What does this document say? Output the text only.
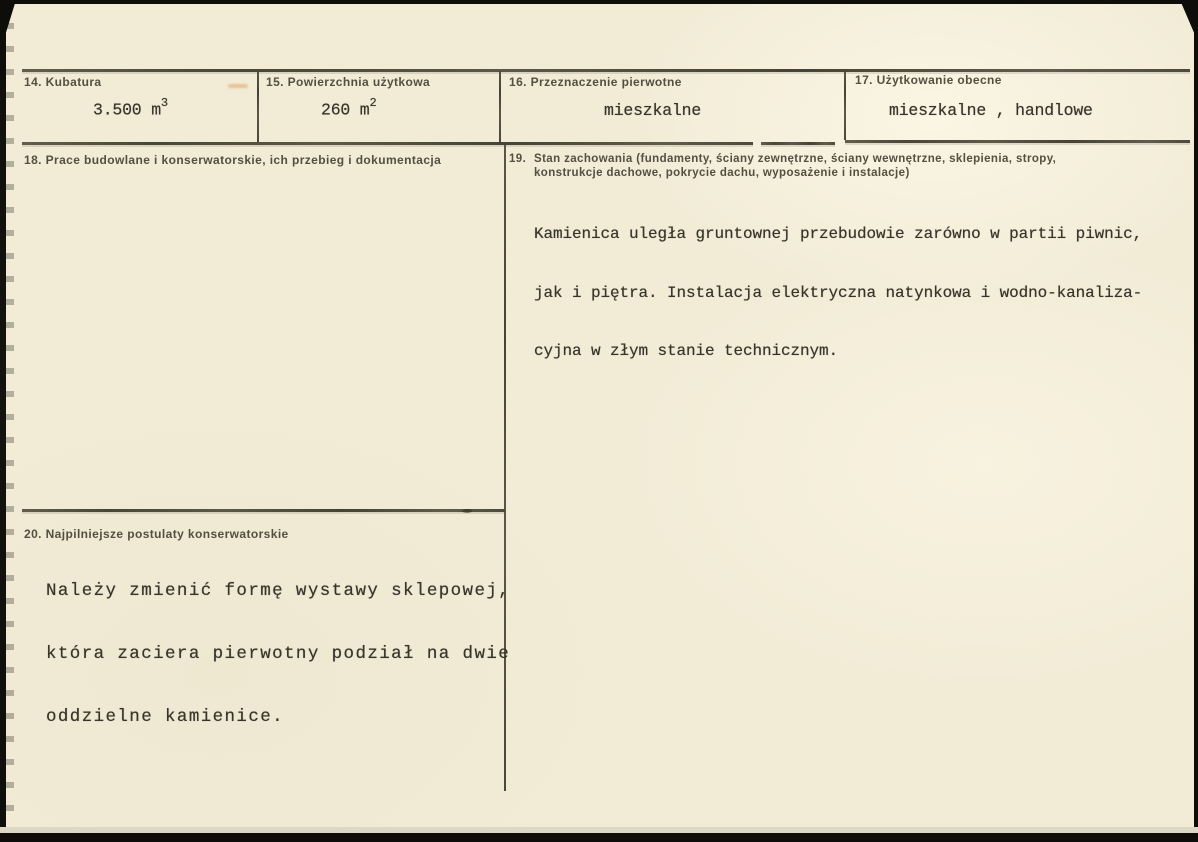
14. Kubatura
3.500 $m^3$
15. Powierzchnia użytkowa
260 $m^2$
16. Przeznaczenie pierwotne
mieszkalne
17. Użytkowanie obecne
mieszkalne , handlowe
18. Prace budowlane i konserwatorskie, ich przebieg i dokumentacja	19. Stan zachowania (fundamenty, ściany zewnętrzne, ściany wewnętrzne, sklepienia, stropy,
konstrukcje dachowe, pokrycie dachu, wyposażenie i instalacje)

Kamienica uległa gruntownej przebudowie zarówno w partii piwnic,

jak i piętra. Instalacja elektryczna natynkowa i wodno-kanaliza-

cyjna w złym stanie technicznym.

20. Najpilniejsze postulaty konserwatorskie

Należy zmienić formę wystawy sklepowej,

która zaciera pierwotny podział na dwie

oddzielne kamienice.
